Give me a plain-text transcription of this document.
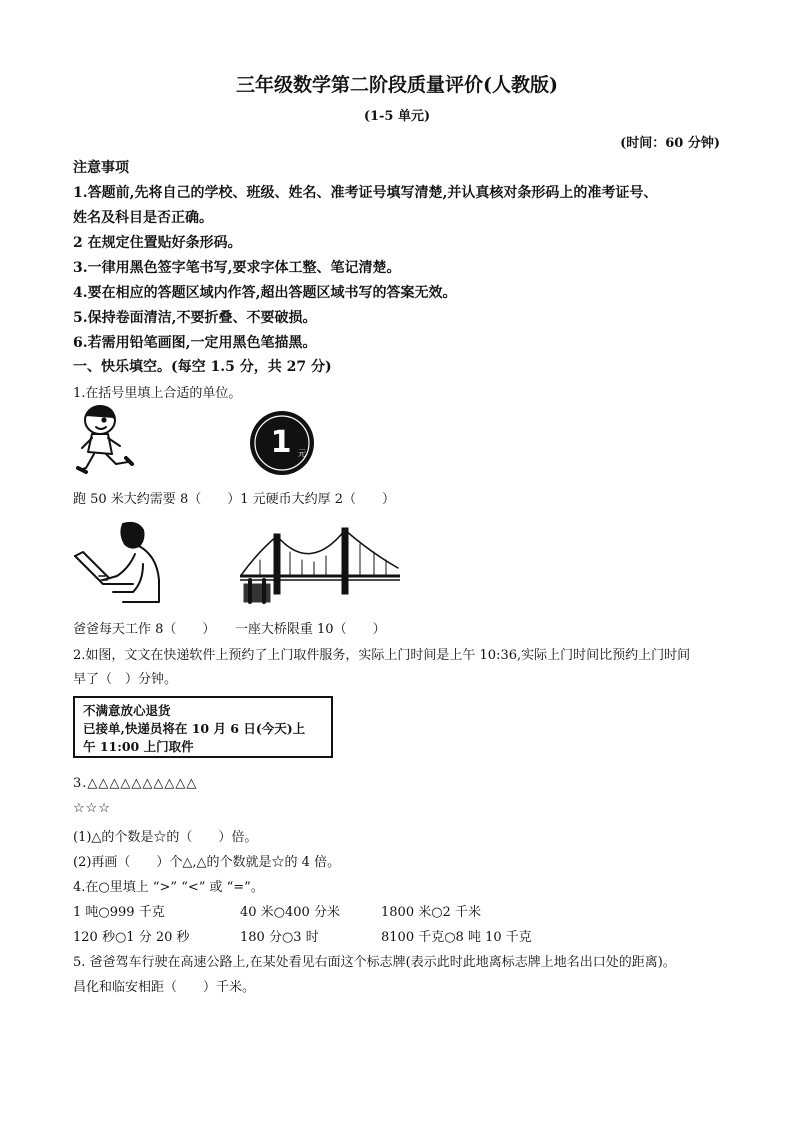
三年级数学第二阶段质量评价(人教版)
(1-5 单元)
(时间：60 分钟)
注意事项
1.答题前,先将自己的学校、班级、姓名、准考证号填写清楚,并认真核对条形码上的准考证号、
姓名及科目是否正确。
2 在规定住置贴好条形码。
3.一律用黑色签字笔书写,要求字体工整、笔记清楚。
4.要在相应的答题区域内作答,超出答题区域书写的答案无效。
5.保持卷面清洁,不要折叠、不要破损。
6.若需用铅笔画图,一定用黑色笔描黑。
一、快乐填空。(每空 1.5 分，共 27 分)
1.在括号里填上合适的单位。
1 元
跑 50 米大约需要 8（　　）1 元硬币大约厚 2（　　）
爸爸每天工作 8（　　）　　一座大桥限重 10（　　）
2.如图，文文在快递软件上预约了上门取件服务，实际上门时间是上午 10:36,实际上门时间比预约上门时间
早了（　）分钟。
不满意放心退货
已接单,快递员将在 10 月 6 日(今天)上
午 11:00 上门取件
3.△△△△△△△△△△
☆☆☆
(1)△的个数是☆的（　　）倍。
(2)再画（　　）个△,△的个数就是☆的 4 倍。
4.在○里填上 “>” “<” 或 “=”。
1 吨○999 千克	40 米○400 分米	1800 米○2 千米
120 秒○1 分 20 秒	180 分○3 时	8100 千克○8 吨 10 千克
5. 爸爸驾车行驶在高速公路上,在某处看见右面这个标志牌(表示此时此地离标志牌上地名出口处的距离)。
昌化和临安相距（　　）千米。
